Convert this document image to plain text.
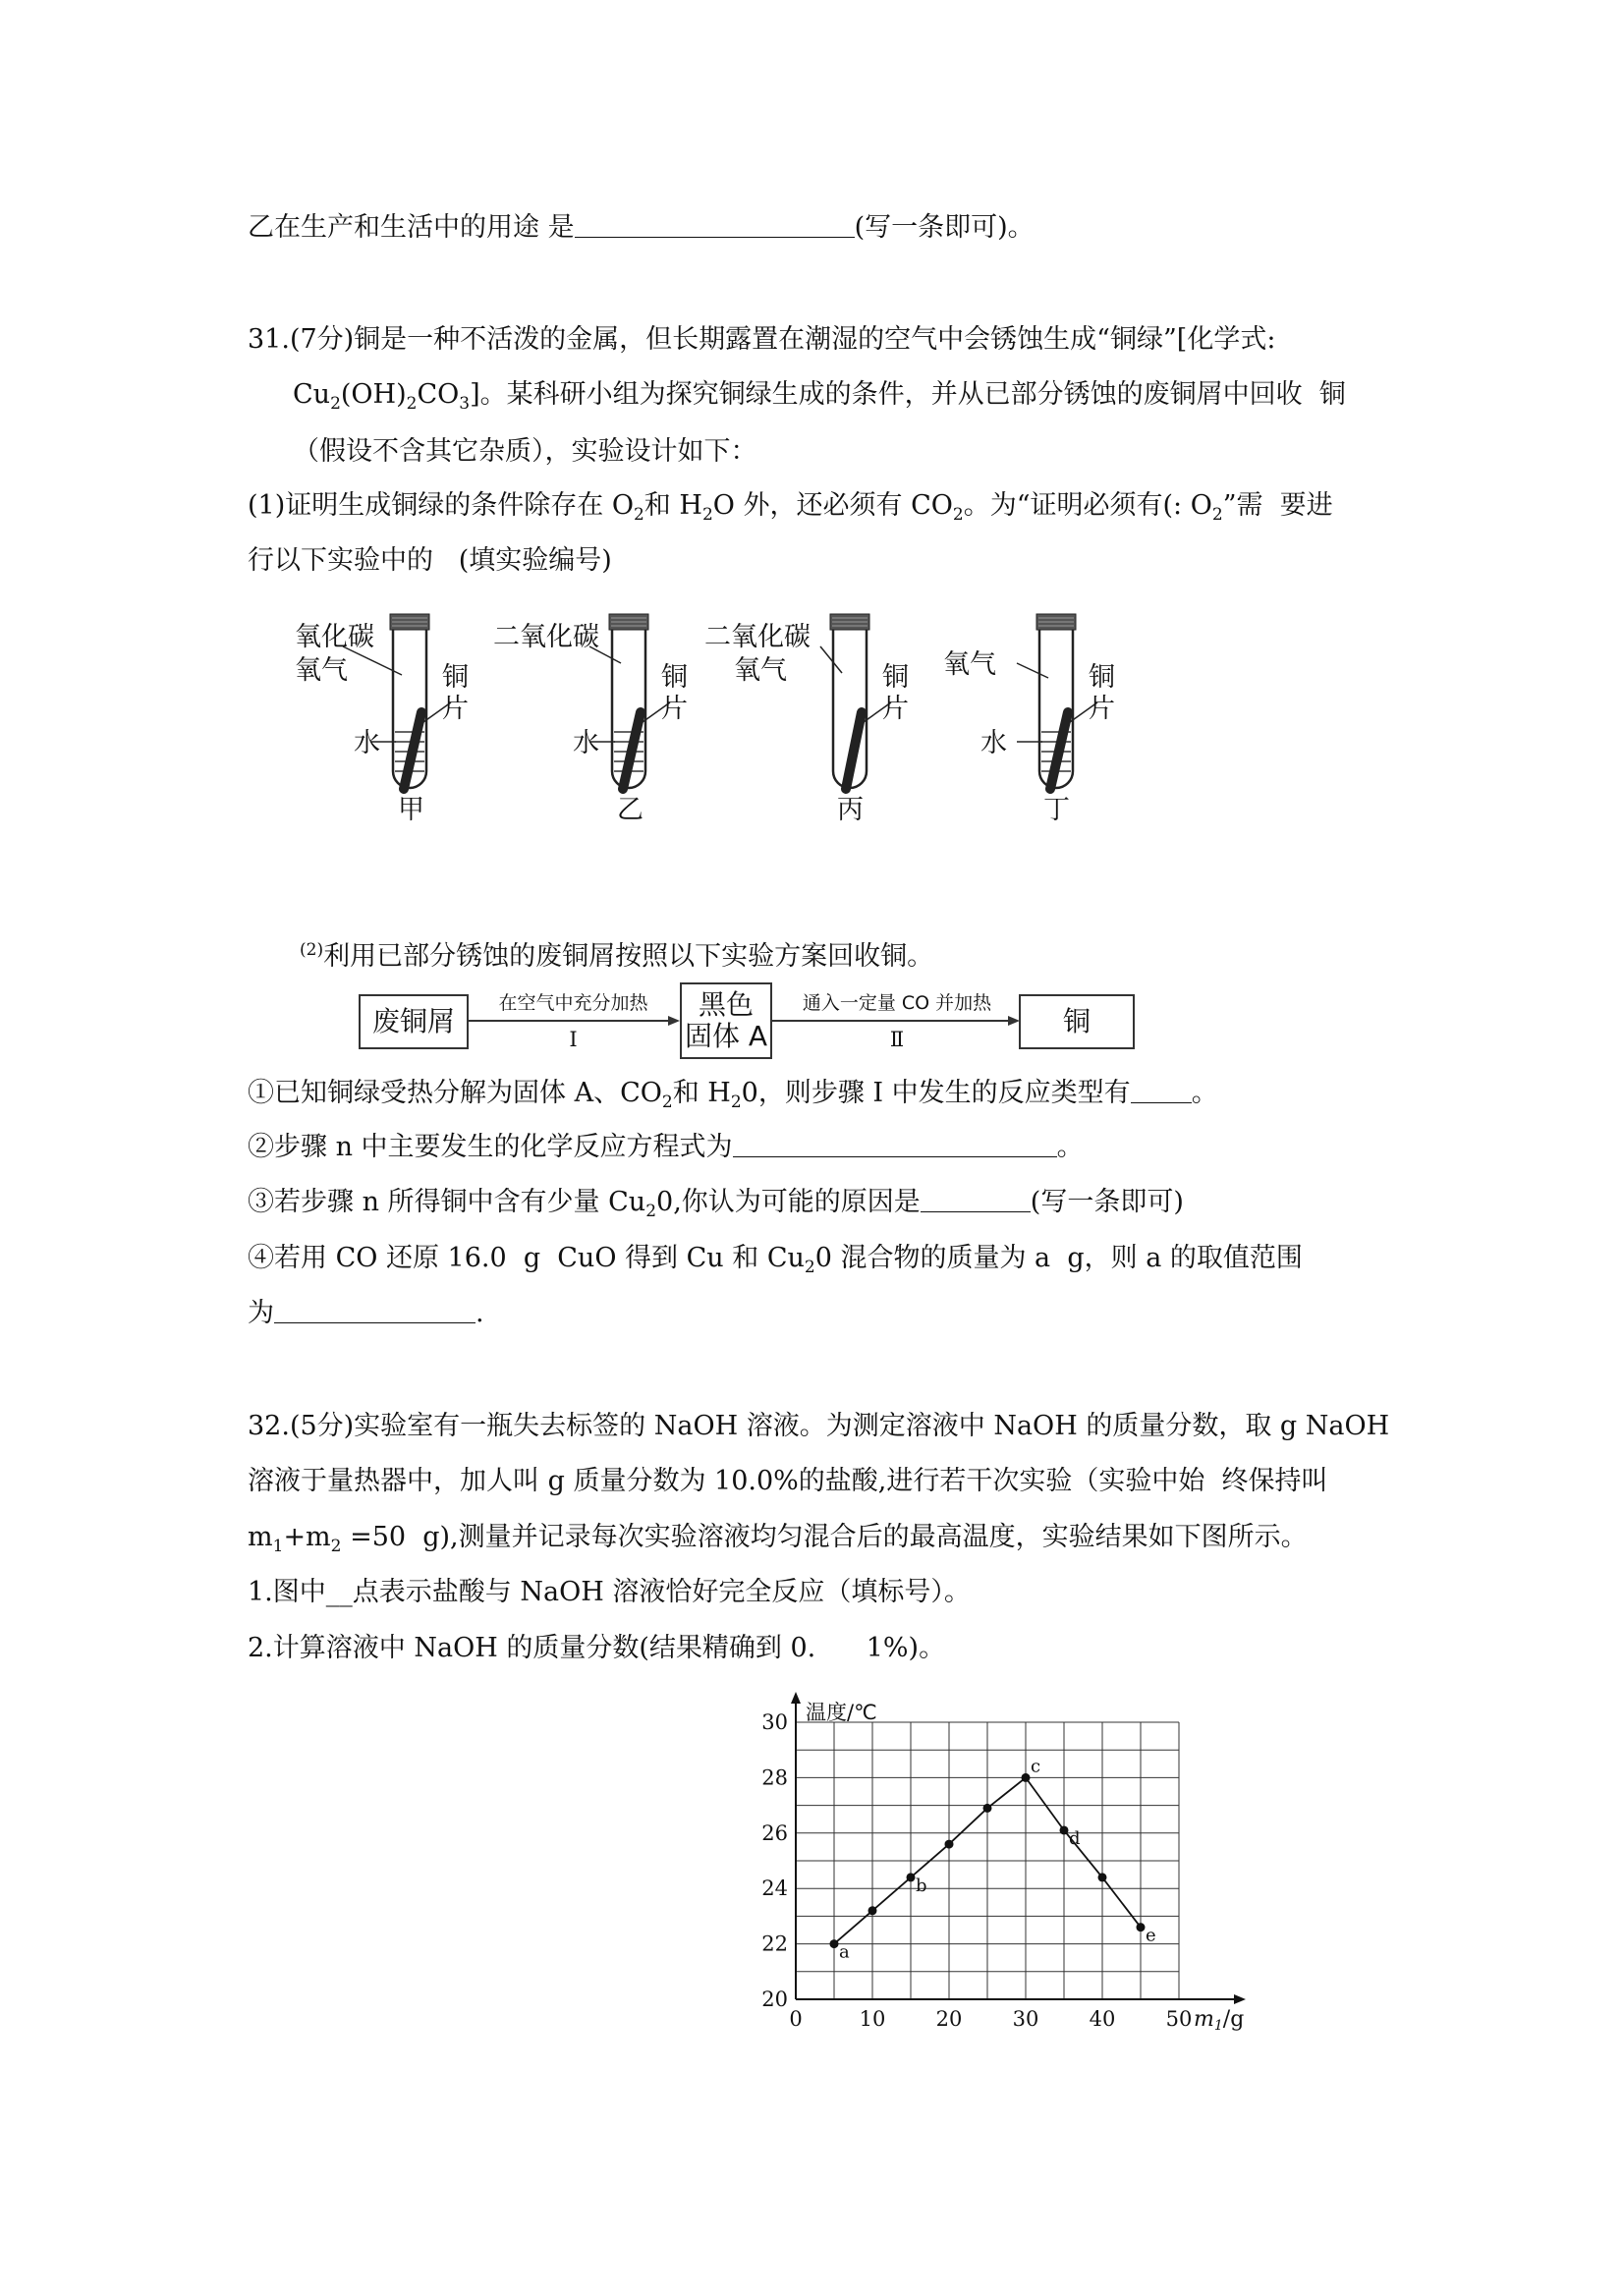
乙在生产和生活中的用途 是	(写一条即可)。
31.(7分)铜是一种不活泼的金属，但长期露置在潮湿的空气中会锈蚀生成“铜绿”[化学式:
$Cu_2(OH)_2CO_3$]。某科研小组为探究铜绿生成的条件，并从已部分锈蚀的废铜屑中回收  铜
（假设不含其它杂质），实验设计如下：
(1)证明生成铜绿的条件除存在 $O_2$和 $H_2O$ 外，还必须有 $CO_2$。为“证明必须有(: $O_2$”需  要进
行以下实验中的   (填实验编号)
氧化碳
氧气
水
铜
片
甲
二氧化碳
水
铜
片
乙
二氧化碳
氧气	铜
片
丙
氧气
水
铜
片
丁
$^{(2)}$利用已部分锈蚀的废铜屑按照以下实验方案回收铜。
废铜屑
在空气中充分加热
I
黑色
固体 A
通入一定量 CO 并加热
Ⅱ
铜
①已知铜绿受热分解为固体 A、$CO_2$和 $H_20$，则步骤 I 中发生的反应类型有 。
②步骤 n 中主要发生的化学反应方程式为	。
③若步骤 n 所得铜中含有少量 $Cu_20$,你认为可能的原因是	(写一条即可)
④若用 CO 还原 16.0  g  CuO 得到 Cu 和 $Cu_20$ 混合物的质量为 a  g，则 a 的取值范围
为	.
32.(5分)实验室有一瓶失去标签的 NaOH 溶液。为测定溶液中 NaOH 的质量分数，取 g NaOH
溶液于量热器中，加人叫 g 质量分数为 10.0%的盐酸,进行若干次实验（实验中始  终保持叫
$m_1+m_2 =50$  g),测量并记录每次实验溶液均匀混合后的最高温度，实验结果如下图所示。
1.图中__点表示盐酸与 NaOH 溶液恰好完全反应（填标号）。
2.计算溶液中 NaOH 的质量分数(结果精确到 0.      1%)。
0	10 20 30 40 50
20
22
24
26
28
30
a
b
c
d
e
温度/℃
m1/g
